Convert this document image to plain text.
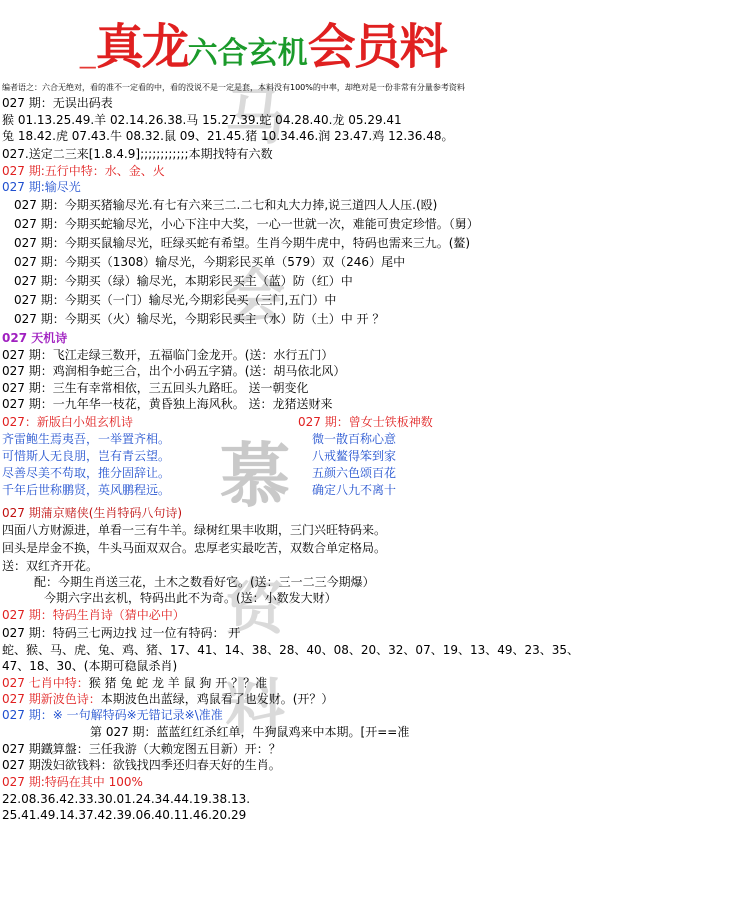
_真龙六合玄机会员料
马
会
慕
资
料
编者语之：六合无绝对，看的准不一定看的中，看的没说不是一定是套，本料没有100%的中率，却绝对是一份非常有分量参考资料
027 期：无误出码表
猴 01.13.25.49.羊 02.14.26.38.马 15.27.39.蛇 04.28.40.龙 05.29.41
兔 18.42.虎 07.43.牛 08.32.鼠 09、21.45.猪 10.34.46.润 23.47.鸡 12.36.48。
027.送定二三来[1.8.4.9];;;;;;;;;;;;本期找特有六数
027 期:五行中特：水、金、火
027 期:输尽光
027 期：今期买猪输尽光.有七有六来三二.二七和丸大力捧,说三道四人人压.(殴)
027 期：今期买蛇输尽光，小心下注中大奖，一心一世就一次，难能可贵定珍惜。（舅）
027 期：今期买鼠输尽光，旺绿买蛇有希望。生肖今期牛虎中，特码也需来三九。(鳌)
027 期：今期买（1308）输尽光，今期彩民买单（579）双（246）尾中
027 期：今期买（绿）输尽光，本期彩民买主（蓝）防（红）中
027 期：今期买（一门）输尽光,今期彩民买（三门,五门）中
027 期：今期买（火）输尽光，今期彩民买主（水）防（土）中 开 ？
027 天机诗
027 期：飞江走绿三数开，五福临门金龙开。(送：水行五门）
027 期：鸡润相争蛇三合，出个小码五字猜。(送：胡马依北风）
027 期：三生有幸常相依，三五回头九路旺。 送一朝变化
027 期：一九年华一枝花，黄昏独上海风秋。 送：龙猪送财来
027：新版白小姐玄机诗	027 期：曾女士铁板神数
齐雷鲍生焉夷吾，一举置齐相。
可惜斯人无良朋，岂有青云望。
尽善尽美不苟取，推分固辞让。
千年后世称鹏贤，英风鹏程远。
微一散百称心意
八戒鳌得笨到家
五颜六色颂百花
确定八九不离十
027 期蒲京赌侠(生肖特码八句诗)
四面八方财源进，单看一三有牛羊。绿树红果丰收期，三门兴旺特码来。
回头是岸金不换，牛头马面双双合。忠厚老实最吃苦，双数合单定格局。
送：双红齐开花。
配：今期生肖送三花，土木之数看好它。(送：三一二三今期爆）
今期六字出玄机，特码出此不为奇。(送：小数发大财）
027 期：特码生肖诗（猜中必中）
027 期：特码三七两边找 过一位有特码： 开
蛇、猴、马、虎、兔、鸡、猪、17、41、14、38、28、40、08、20、32、07、19、13、49、23、35、
47、18、30、(本期可稳鼠杀肖)
027 七肖中特：猴 猪 兔 蛇 龙 羊 鼠 狗 开 ？？准
027 期新波色诗：本期波色出蓝绿，鸡鼠看了也发财。(开？）
027 期：※ 一句解特码※无错记录※\准准
第 027 期：蓝蓝红红杀红单，牛狗鼠鸡来中本期。[开==准
027 期鐵算盤：三任我游（大赖宠图五目新）开：？
027 期泼妇欲钱料：欲钱找四季还归春天好的生肖。
027 期:特码在其中 100%
22.08.36.42.33.30.01.24.34.44.19.38.13.
25.41.49.14.37.42.39.06.40.11.46.20.29
